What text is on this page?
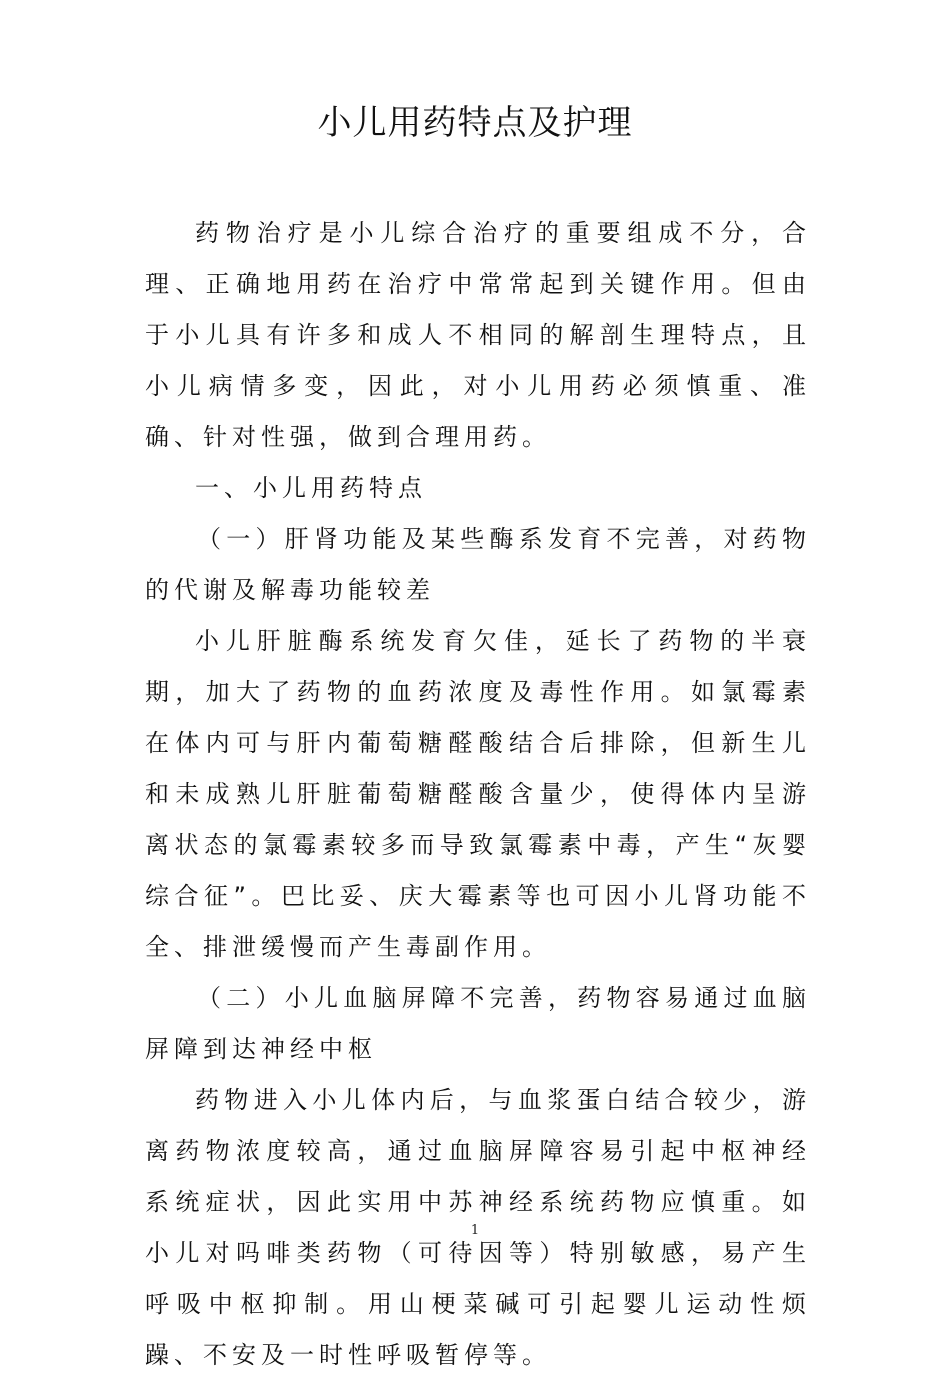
小儿用药特点及护理

药物治疗是小儿综合治疗的重要组成不分，合理、正确地用药在治疗中常常起到关键作用。但由于小儿具有许多和成人不相同的解剖生理特点，且小儿病情多变，因此，对小儿用药必须慎重、准确、针对性强，做到合理用药。

一、小儿用药特点

（一）肝肾功能及某些酶系发育不完善，对药物的代谢及解毒功能较差

小儿肝脏酶系统发育欠佳，延长了药物的半衰期，加大了药物的血药浓度及毒性作用。如氯霉素在体内可与肝内葡萄糖醛酸结合后排除，但新生儿和未成熟儿肝脏葡萄糖醛酸含量少，使得体内呈游离状态的氯霉素较多而导致氯霉素中毒，产生“灰婴综合征”。巴比妥、庆大霉素等也可因小儿肾功能不全、排泄缓慢而产生毒副作用。

（二）小儿血脑屏障不完善，药物容易通过血脑屏障到达神经中枢

药物进入小儿体内后，与血浆蛋白结合较少，游离药物浓度较高，通过血脑屏障容易引起中枢神经系统症状，因此实用中苏神经系统药物应慎重。如小儿对吗啡类药物（可待因等）特别敏感，易产生呼吸中枢抑制。用山梗菜碱可引起婴儿运动性烦躁、不安及一时性呼吸暂停等。

1
